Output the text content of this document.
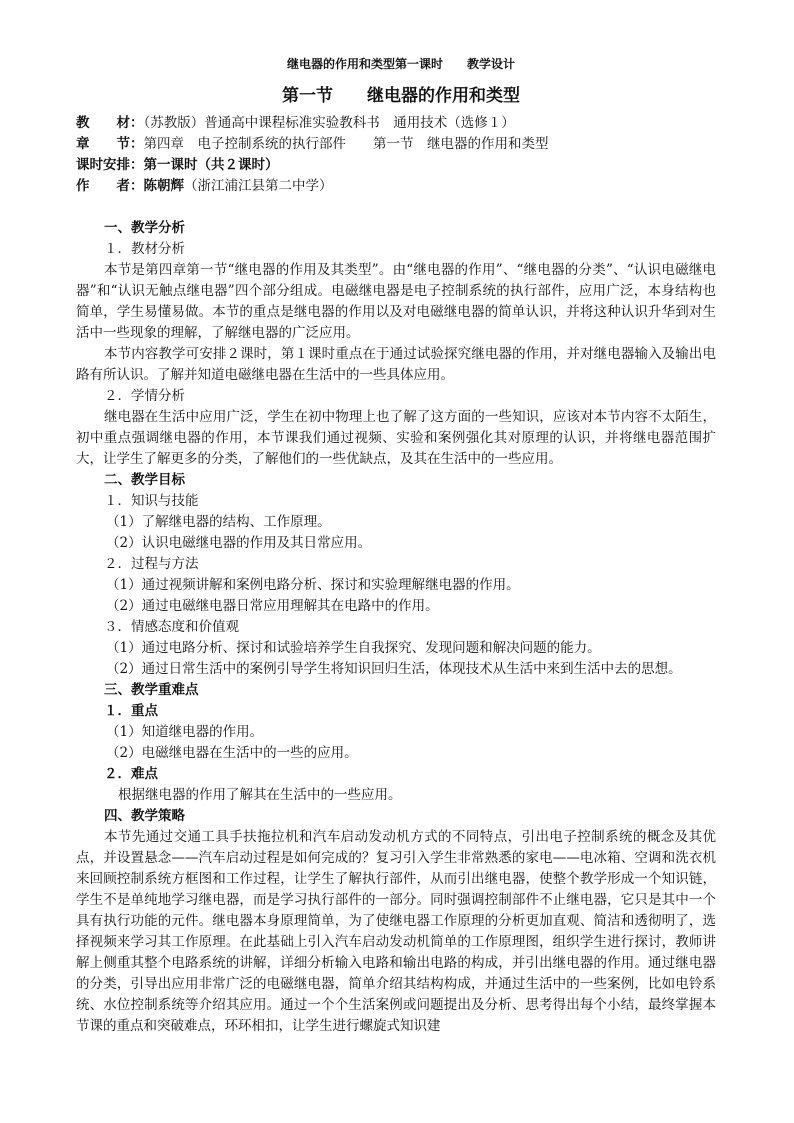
继电器的作用和类型第一课时　　教学设计
第一节　　继电器的作用和类型
教　　材：（苏教版）普通高中课程标准实验教科书　通用技术（选修１）
章　　节：第四章　电子控制系统的执行部件　　第一节　继电器的作用和类型
课时安排：第一课时（共２课时）
作　　者：陈朝辉（浙江浦江县第二中学）
一、教学分析
１．教材分析

本节是第四章第一节“继电器的作用及其类型”。由“继电器的作用”、“继电器的分类”、“认识电磁继电器”和“认识无触点继电器”四个部分组成。电磁继电器是电子控制系统的执行部件，应用广泛，本身结构也简单，学生易懂易做。本节的重点是继电器的作用以及对电磁继电器的简单认识，并将这种认识升华到对生活中一些现象的理解，了解继电器的广泛应用。

本节内容教学可安排２课时，第１课时重点在于通过试验探究继电器的作用，并对继电器输入及输出电路有所认识。了解并知道电磁继电器在生活中的一些具体应用。

２．学情分析

继电器在生活中应用广泛，学生在初中物理上也了解了这方面的一些知识，应该对本节内容不太陌生，初中重点强调继电器的作用，本节课我们通过视频、实验和案例强化其对原理的认识，并将继电器范围扩大，让学生了解更多的分类，了解他们的一些优缺点，及其在生活中的一些应用。

二、教学目标
１．知识与技能
（1）了解继电器的结构、工作原理。
（2）认识电磁继电器的作用及其日常应用。
２．过程与方法
（1）通过视频讲解和案例电路分析、探讨和实验理解继电器的作用。
（2）通过电磁继电器日常应用理解其在电路中的作用。
３．情感态度和价值观
（1）通过电路分析、探讨和试验培养学生自我探究、发现问题和解决问题的能力。
（2）通过日常生活中的案例引导学生将知识回归生活，体现技术从生活中来到生活中去的思想。
三、教学重难点
１．重点
（1）知道继电器的作用。
（2）电磁继电器在生活中的一些的应用。
２．难点

根据继电器的作用了解其在生活中的一些应用。

四、教学策略

本节先通过交通工具手扶拖拉机和汽车启动发动机方式的不同特点，引出电子控制系统的概念及其优点，并设置悬念——汽车启动过程是如何完成的？复习引入学生非常熟悉的家电——电冰箱、空调和洗衣机来回顾控制系统方框图和工作过程，让学生了解执行部件，从而引出继电器，使整个教学形成一个知识链，学生不是单纯地学习继电器，而是学习执行部件的一部分。同时强调控制部件不止继电器，它只是其中一个具有执行功能的元件。继电器本身原理简单，为了使继电器工作原理的分析更加直观、简洁和透彻明了，选择视频来学习其工作原理。在此基础上引入汽车启动发动机简单的工作原理图，组织学生进行探讨，教师讲解上侧重其整个电路系统的讲解，详细分析输入电路和输出电路的构成，并引出继电器的作用。通过继电器的分类，引导出应用非常广泛的电磁继电器，简单介绍其结构构成，并通过生活中的一些案例，比如电铃系统、水位控制系统等介绍其应用。通过一个个生活案例或问题提出及分析、思考得出每个小结，最终掌握本节课的重点和突破难点，环环相扣，让学生进行螺旋式知识建
